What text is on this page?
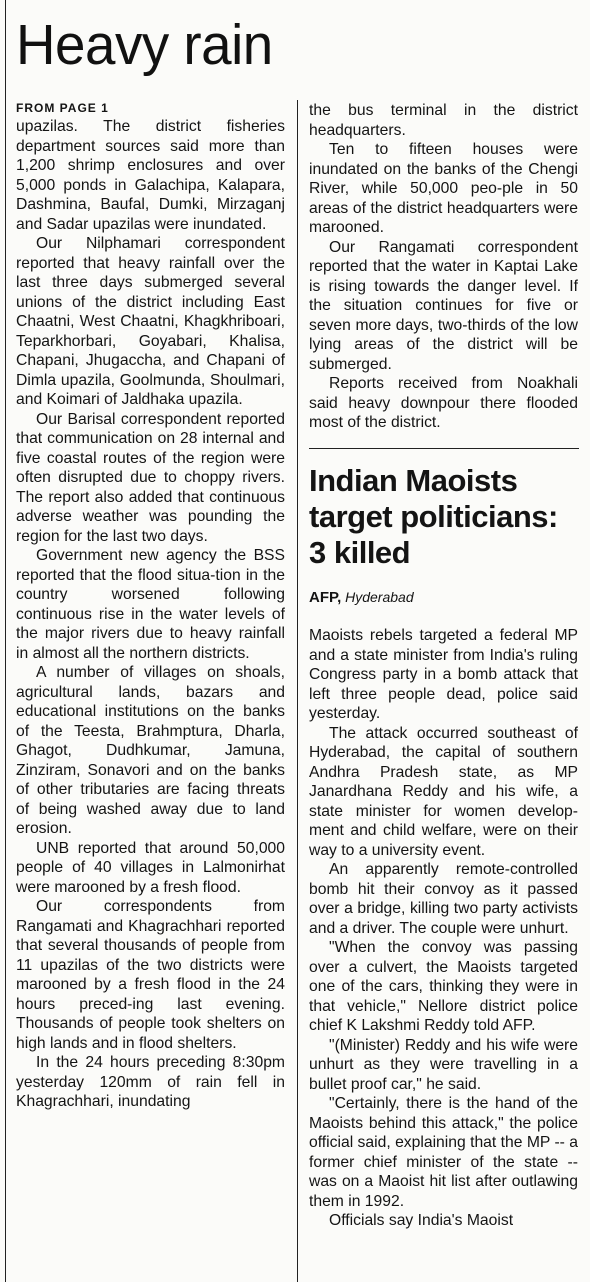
Heavy rain
FROM PAGE 1

upazilas. The district fisheries department sources said more than 1,200 shrimp enclosures and over 5,000 ponds in Galachipa, Kalapara, Dashmina, Baufal, Dumki, Mirzaganj and Sadar upazilas were inundated.

Our Nilphamari correspondent reported that heavy rainfall over the last three days submerged several unions of the district including East Chaatni, West Chaatni, Khagkhriboari, Teparkhorbari, Goyabari, Khalisa, Chapani, Jhugaccha, and Chapani of Dimla upazila, Goolmunda, Shoulmari, and Koimari of Jaldhaka upazila.

Our Barisal correspondent reported that communication on 28 internal and five coastal routes of the region were often disrupted due to choppy rivers. The report also added that continuous adverse weather was pounding the region for the last two days.

Government new agency the BSS reported that the flood situa-tion in the country worsened following continuous rise in the water levels of the major rivers due to heavy rainfall in almost all the northern districts.

A number of villages on shoals, agricultural lands, bazars and educational institutions on the banks of the Teesta, Brahmptura, Dharla, Ghagot, Dudhkumar, Jamuna, Zinziram, Sonavori and on the banks of other tributaries are facing threats of being washed away due to land erosion.

UNB reported that around 50,000 people of 40 villages in Lalmonirhat were marooned by a fresh flood.

Our correspondents from Rangamati and Khagrachhari reported that several thousands of people from 11 upazilas of the two districts were marooned by a fresh flood in the 24 hours preced-ing last evening. Thousands of people took shelters on high lands and in flood shelters.

In the 24 hours preceding 8:30pm yesterday 120mm of rain fell in Khagrachhari, inundating

the bus terminal in the district headquarters.

Ten to fifteen houses were inundated on the banks of the Chengi River, while 50,000 peo-ple in 50 areas of the district headquarters were marooned.

Our Rangamati correspondent reported that the water in Kaptai Lake is rising towards the danger level. If the situation continues for five or seven more days, two-thirds of the low lying areas of the district will be submerged.

Reports received from Noakhali said heavy downpour there flooded most of the district.

Indian Maoists target politicians: 3 killed
AFP, Hyderabad

Maoists rebels targeted a federal MP and a state minister from India's ruling Congress party in a bomb attack that left three people dead, police said yesterday.

The attack occurred southeast of Hyderabad, the capital of southern Andhra Pradesh state, as MP Janardhana Reddy and his wife, a state minister for women develop-ment and child welfare, were on their way to a university event.

An apparently remote-controlled bomb hit their convoy as it passed over a bridge, killing two party activists and a driver. The couple were unhurt.

"When the convoy was passing over a culvert, the Maoists targeted one of the cars, thinking they were in that vehicle," Nellore district police chief K Lakshmi Reddy told AFP.

"(Minister) Reddy and his wife were unhurt as they were travelling in a bullet proof car," he said.

"Certainly, there is the hand of the Maoists behind this attack," the police official said, explaining that the MP -- a former chief minister of the state -- was on a Maoist hit list after outlawing them in 1992.

Officials say India's Maoist
